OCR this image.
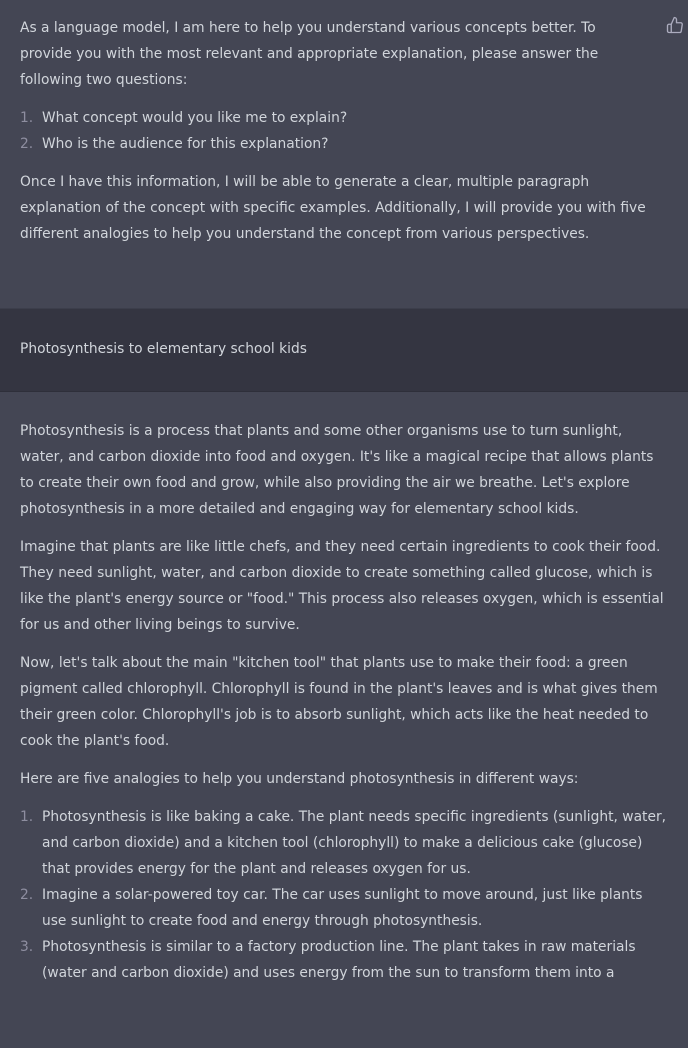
As a language model, I am here to help you understand various concepts better. To provide you with the most relevant and appropriate explanation, please answer the following two questions:

1. What concept would you like me to explain?
2. Who is the audience for this explanation?

Once I have this information, I will be able to generate a clear, multiple paragraph explanation of the concept with specific examples. Additionally, I will provide you with five different analogies to help you understand the concept from various perspectives.

Photosynthesis to elementary school kids

Photosynthesis is a process that plants and some other organisms use to turn sunlight, water, and carbon dioxide into food and oxygen. It's like a magical recipe that allows plants to create their own food and grow, while also providing the air we breathe. Let's explore photosynthesis in a more detailed and engaging way for elementary school kids.

Imagine that plants are like little chefs, and they need certain ingredients to cook their food. They need sunlight, water, and carbon dioxide to create something called glucose, which is like the plant's energy source or "food." This process also releases oxygen, which is essential for us and other living beings to survive.

Now, let's talk about the main "kitchen tool" that plants use to make their food: a green pigment called chlorophyll. Chlorophyll is found in the plant's leaves and is what gives them their green color. Chlorophyll's job is to absorb sunlight, which acts like the heat needed to cook the plant's food.

Here are five analogies to help you understand photosynthesis in different ways:

1. Photosynthesis is like baking a cake. The plant needs specific ingredients (sunlight, water, and carbon dioxide) and a kitchen tool (chlorophyll) to make a delicious cake (glucose) that provides energy for the plant and releases oxygen for us.
2. Imagine a solar-powered toy car. The car uses sunlight to move around, just like plants use sunlight to create food and energy through photosynthesis.
3. Photosynthesis is similar to a factory production line. The plant takes in raw materials (water and carbon dioxide) and uses energy from the sun to transform them into a
